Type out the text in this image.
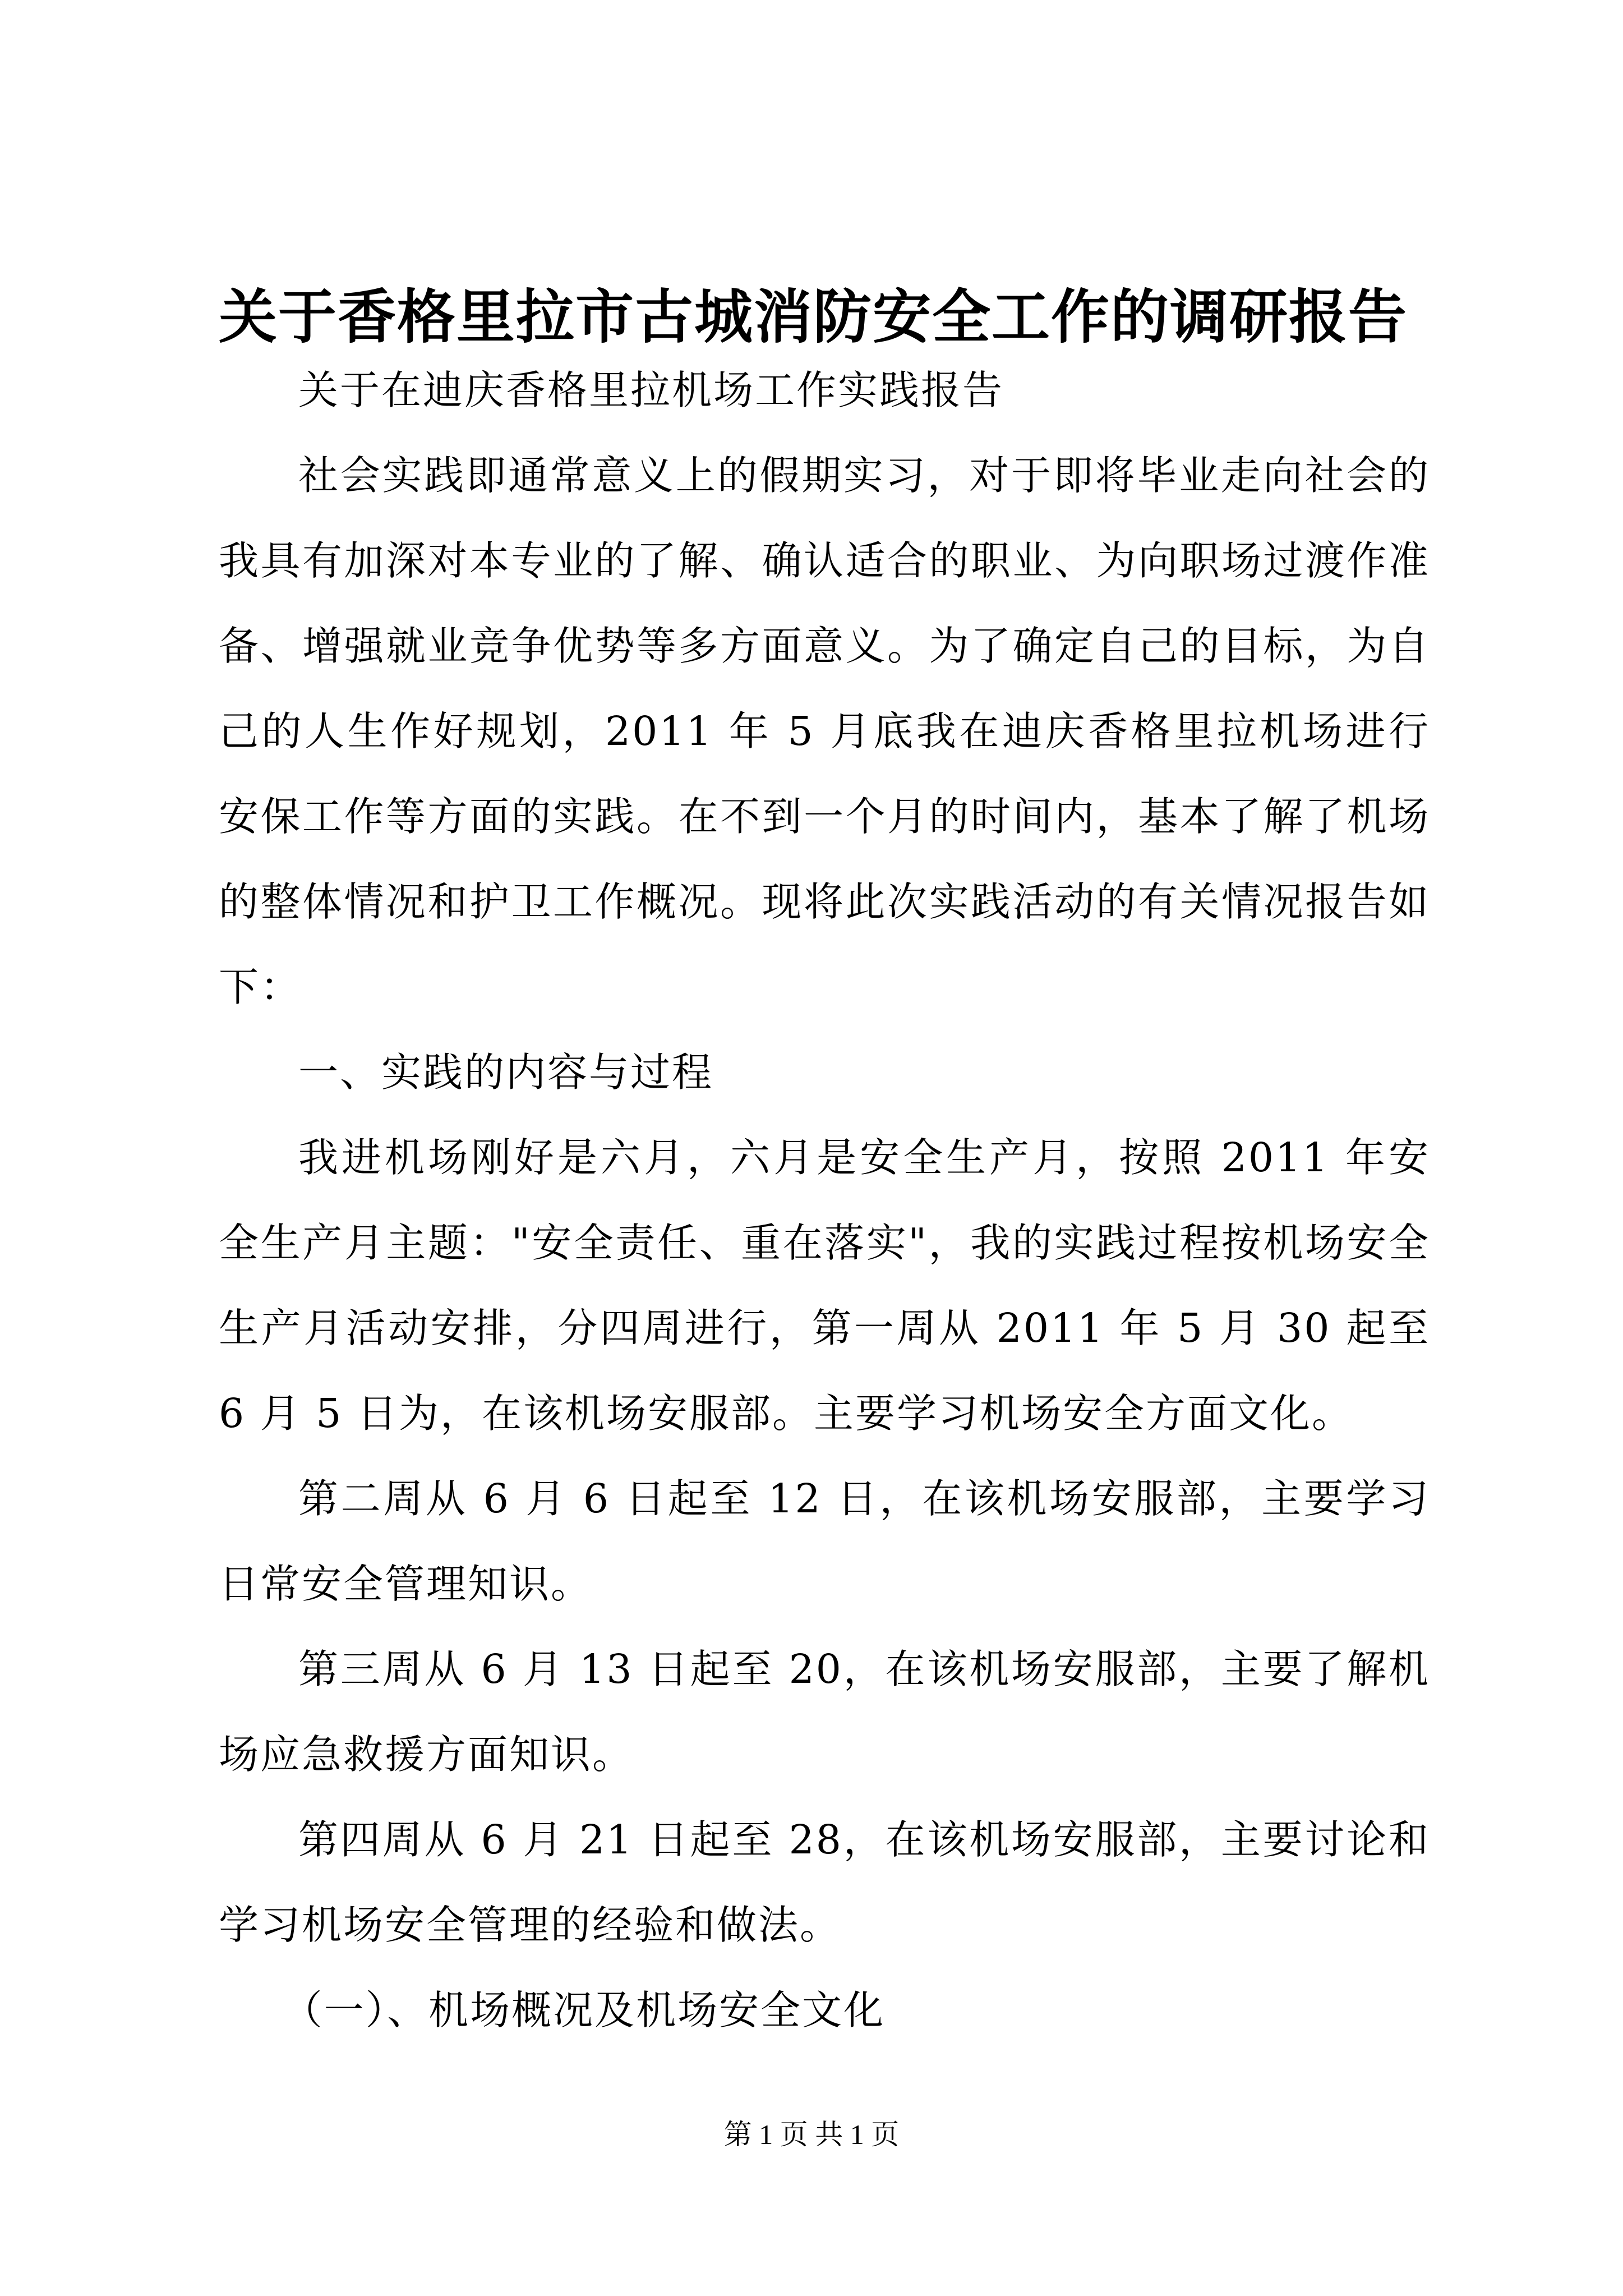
关于香格里拉市古城消防安全工作的调研报告

关于在迪庆香格里拉机场工作实践报告

社会实践即通常意义上的假期实习，对于即将毕业走向社会的我具有加深对本专业的了解、确认适合的职业、为向职场过渡作准备、增强就业竞争优势等多方面意义。为了确定自己的目标，为自己的人生作好规划，2011 年 5 月底我在迪庆香格里拉机场进行安保工作等方面的实践。在不到一个月的时间内，基本了解了机场的整体情况和护卫工作概况。现将此次实践活动的有关情况报告如下：

一、实践的内容与过程

我进机场刚好是六月，六月是安全生产月，按照 2011 年安全生产月主题："安全责任、重在落实"，我的实践过程按机场安全生产月活动安排，分四周进行，第一周从 2011 年 5 月 30 起至 6 月 5 日为，在该机场安服部。主要学习机场安全方面文化。

第二周从 6 月 6 日起至 12 日，在该机场安服部，主要学习日常安全管理知识。

第三周从 6 月 13 日起至 20，在该机场安服部，主要了解机场应急救援方面知识。

第四周从 6 月 21 日起至 28，在该机场安服部，主要讨论和学习机场安全管理的经验和做法。

（一）、机场概况及机场安全文化

第 1 页 共 1 页
